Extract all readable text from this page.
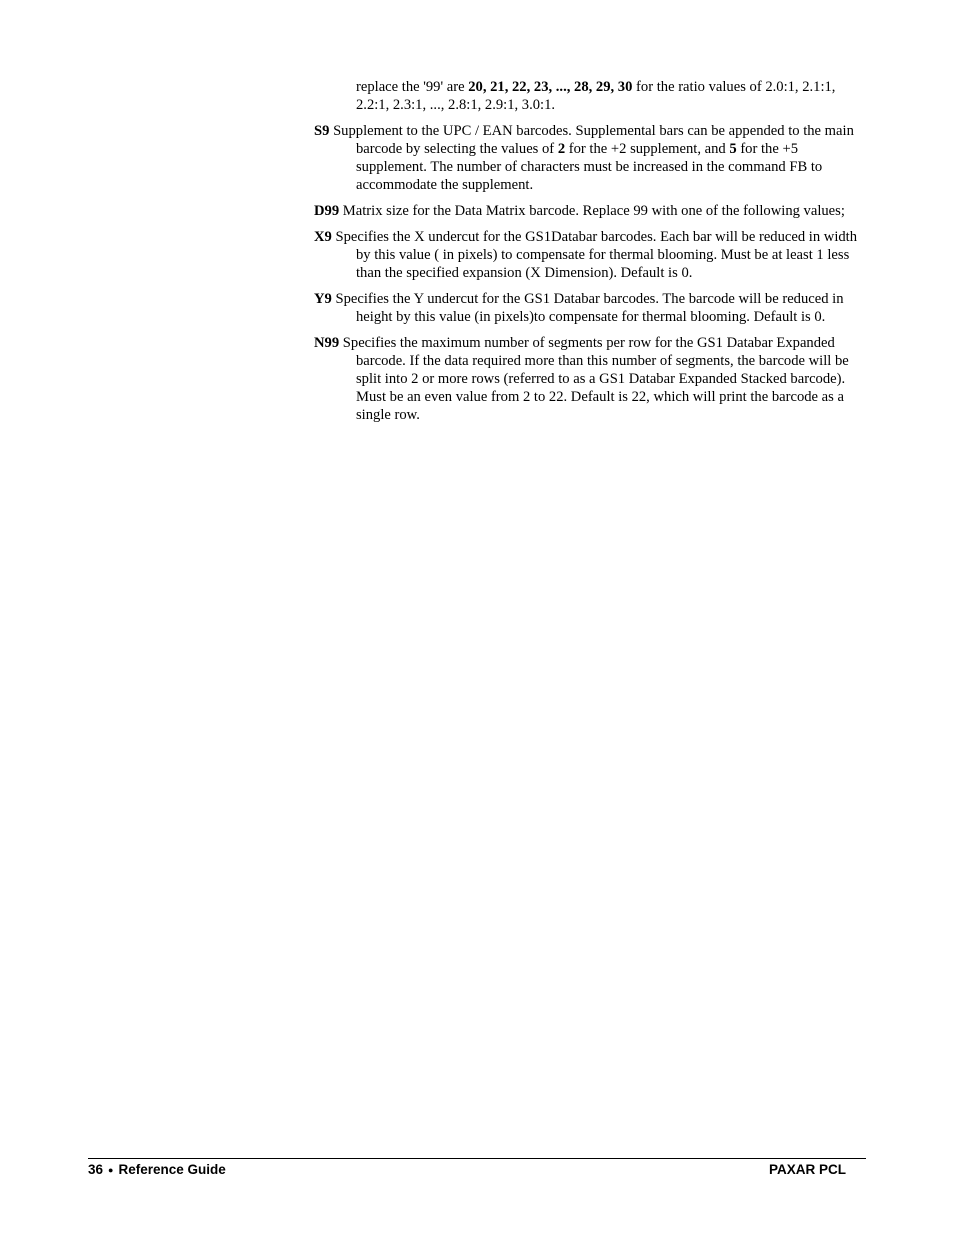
replace the '99' are 20, 21, 22, 23, ..., 28, 29, 30 for the ratio values of 2.0:1, 2.1:1, 2.2:1, 2.3:1, ..., 2.8:1, 2.9:1, 3.0:1.

S9 Supplement to the UPC / EAN barcodes. Supplemental bars can be appended to the main barcode by selecting the values of 2 for the +2 supplement, and 5 for the +5 supplement. The number of characters must be increased in the command FB to accommodate the supplement.

D99 Matrix size for the Data Matrix barcode. Replace 99 with one of the following values;

X9 Specifies the X undercut for the GS1Databar barcodes. Each bar will be reduced in width by this value ( in pixels) to compensate for thermal blooming. Must be at least 1 less than the specified expansion (X Dimension). Default is 0.

Y9 Specifies the Y undercut for the GS1 Databar barcodes. The barcode will be reduced in height by this value (in pixels)to compensate for thermal blooming. Default is 0.

N99 Specifies the maximum number of segments per row for the GS1 Databar Expanded barcode. If the data required more than this number of segments, the barcode will be split into 2 or more rows (referred to as a GS1 Databar Expanded Stacked barcode). Must be an even value from 2 to 22. Default is 22, which will print the barcode as a single row.

36 ● Reference Guide	PAXAR PCL
